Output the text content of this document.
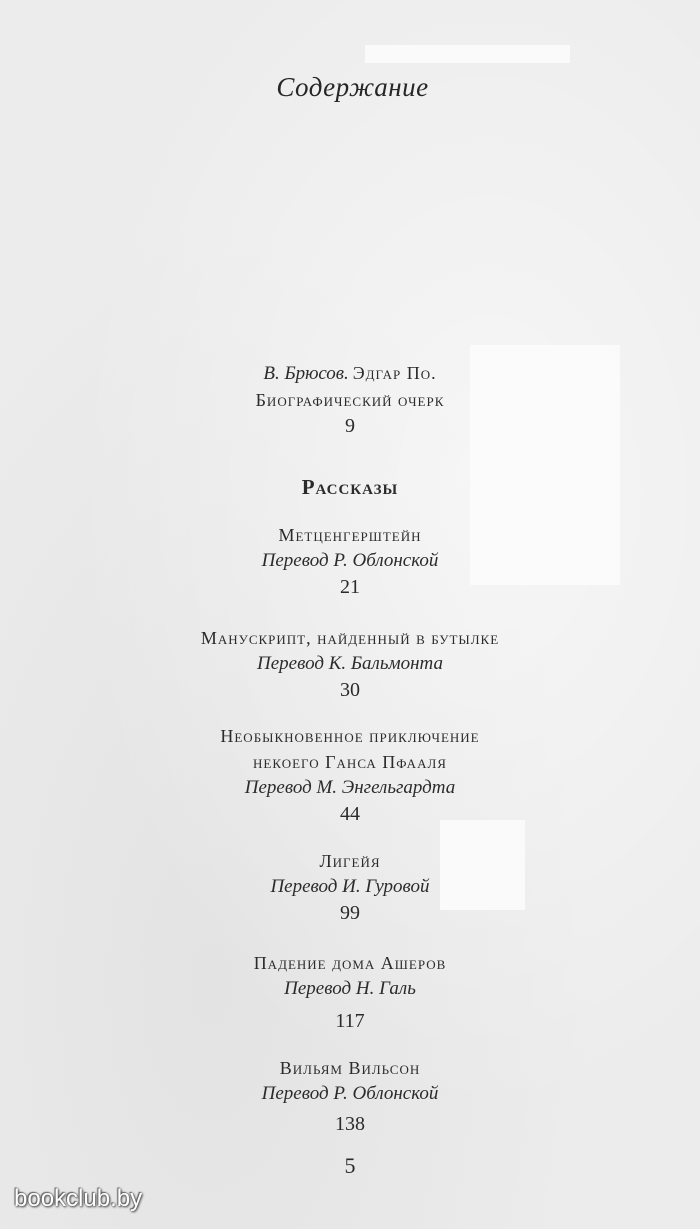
Содержание
В. Брюсов. Эдгар По.
Биографический очерк
9
Рассказы
Метценгерштейн
Перевод Р. Облонской
21
Манускрипт, найденный в бутылке
Перевод К. Бальмонта
30
Необыкновенное приключение
некоего Ганса Пфааля
Перевод М. Энгельгардта
44
Лигейя
Перевод И. Гуровой
99
Падение дома Ашеров
Перевод Н. Галь
117
Вильям Вильсон
Перевод Р. Облонской
138
5
bookclub.by
